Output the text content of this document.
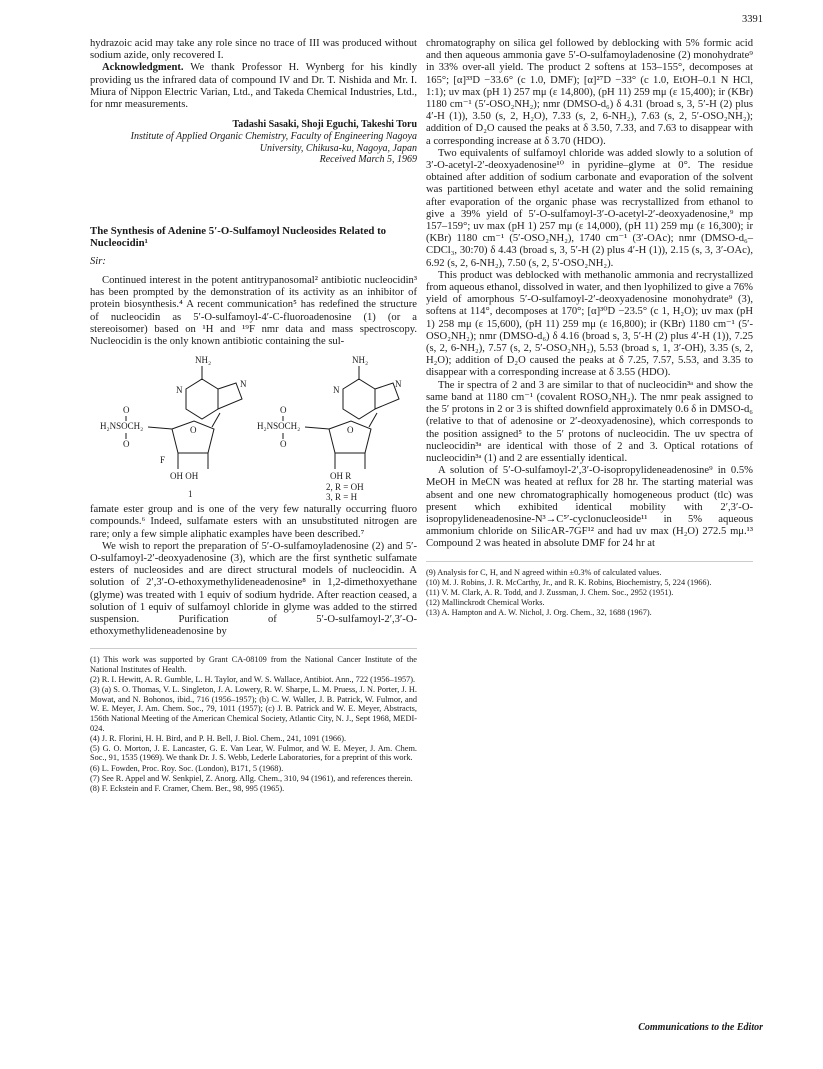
3391

hydrazoic acid may take any role since no trace of III was produced without sodium azide, only recovered I.

Acknowledgment. We thank Professor H. Wynberg for his kindly providing us the infrared data of compound IV and Dr. T. Nishida and Mr. I. Miura of Nippon Electric Varian, Ltd., and Takeda Chemical Industries, Ltd., for nmr measurements.

Tadashi Sasaki, Shoji Eguchi, Takeshi Toru
Institute of Applied Organic Chemistry, Faculty of Engineering Nagoya University, Chikusa-ku, Nagoya, Japan
Received March 5, 1969
The Synthesis of Adenine 5′-O-Sulfamoyl Nucleosides Related to Nucleocidin¹
Sir:

Continued interest in the potent antitrypanosomal² antibiotic nucleocidin³ has been prompted by the demonstration of its activity as an inhibitor of protein biosynthesis.⁴ A recent communication⁵ has redefined the structure of nucleocidin as 5′-O-sulfamoyl-4′-C-fluoroadenosine (1) (or a stereoisomer) based on ¹H and ¹⁹F nmr data and mass spectroscopy. Nucleocidin is the only known antibiotic containing the sul-

NH₂
N
N
O
H₂NSOCH₂
O
O
F
OH OH
1
NH₂
N
N
O
H₂NSOCH₂
O
O
OH R
2, R = OH
3, R = H

famate ester group and is one of the very few naturally occurring fluoro compounds.⁶ Indeed, sulfamate esters with an unsubstituted nitrogen are rare; only a few simple aliphatic examples have been described.⁷

We wish to report the preparation of 5′-O-sulfamoyladenosine (2) and 5′-O-sulfamoyl-2′-deoxyadenosine (3), which are the first synthetic sulfamate esters of nucleosides and are direct structural models of nucleocidin. A solution of 2′,3′-O-ethoxymethylideneadenosine⁸ in 1,2-dimethoxyethane (glyme) was treated with 1 equiv of sodium hydride. After reaction ceased, a solution of 1 equiv of sulfamoyl chloride in glyme was added to the stirred suspension. Purification of 5′-O-sulfamoyl-2′,3′-O-ethoxymethylideneadenosine by

(1) This work was supported by Grant CA-08109 from the National Cancer Institute of the National Institutes of Health.
(2) R. I. Hewitt, A. R. Gumble, L. H. Taylor, and W. S. Wallace, Antibiot. Ann., 722 (1956–1957).
(3) (a) S. O. Thomas, V. L. Singleton, J. A. Lowery, R. W. Sharpe, L. M. Pruess, J. N. Porter, J. H. Mowat, and N. Bohonos, ibid., 716 (1956–1957); (b) C. W. Waller, J. B. Patrick, W. Fulmor, and W. E. Meyer, J. Am. Chem. Soc., 79, 1011 (1957); (c) J. B. Patrick and W. E. Meyer, Abstracts, 156th National Meeting of the American Chemical Society, Atlantic City, N. J., Sept 1968, MEDI-024.
(4) J. R. Florini, H. H. Bird, and P. H. Bell, J. Biol. Chem., 241, 1091 (1966).
(5) G. O. Morton, J. E. Lancaster, G. E. Van Lear, W. Fulmor, and W. E. Meyer, J. Am. Chem. Soc., 91, 1535 (1969). We thank Dr. J. S. Webb, Lederle Laboratories, for a preprint of this work.
(6) L. Fowden, Proc. Roy. Soc. (London), B171, 5 (1968).
(7) See R. Appel and W. Senkpiel, Z. Anorg. Allg. Chem., 310, 94 (1961), and references therein.
(8) F. Eckstein and F. Cramer, Chem. Ber., 98, 995 (1965).

chromatography on silica gel followed by deblocking with 5% formic acid and then aqueous ammonia gave 5′-O-sulfamoyladenosine (2) monohydrate⁹ in 33% over-all yield. The product 2 softens at 153–155°, decomposes at 165°; [α]³³D −33.6° (c 1.0, DMF); [α]²⁷D −33° (c 1.0, EtOH–0.1 N HCl, 1:1); uv max (pH 1) 257 mμ (ε 14,800), (pH 11) 259 mμ (ε 15,400); ir (KBr) 1180 cm⁻¹ (5′-OSO₂NH₂); nmr (DMSO-d₆) δ 4.31 (broad s, 3, 5′-H (2) plus 4′-H (1)), 3.50 (s, 2, H₂O), 7.33 (s, 2, 6-NH₂), 7.63 (s, 2, 5′-OSO₂NH₂); addition of D₂O caused the peaks at δ 3.50, 7.33, and 7.63 to disappear with a corresponding increase at δ 3.70 (HDO).

Two equivalents of sulfamoyl chloride was added slowly to a solution of 3′-O-acetyl-2′-deoxyadenosine¹⁰ in pyridine–glyme at 0°. The residue obtained after addition of sodium carbonate and evaporation of the solvent was partitioned between ethyl acetate and water and the solid remaining after evaporation of the organic phase was recrystallized from ethanol to give a 39% yield of 5′-O-sulfamoyl-3′-O-acetyl-2′-deoxyadenosine,⁹ mp 157–159°; uv max (pH 1) 257 mμ (ε 14,000), (pH 11) 259 mμ (ε 16,300); ir (KBr) 1180 cm⁻¹ (5′-OSO₂NH₂), 1740 cm⁻¹ (3′-OAc); nmr (DMSO-d₆–CDCl₃, 30:70) δ 4.43 (broad s, 3, 5′-H (2) plus 4′-H (1)), 2.15 (s, 3, 3′-OAc), 6.92 (s, 2, 6-NH₂), 7.50 (s, 2, 5′-OSO₂NH₂).

This product was deblocked with methanolic ammonia and recrystallized from aqueous ethanol, dissolved in water, and then lyophilized to give a 76% yield of amorphous 5′-O-sulfamoyl-2′-deoxyadenosine monohydrate⁹ (3), softens at 114°, decomposes at 170°; [α]³⁰D −23.5° (c 1, H₂O); uv max (pH 1) 258 mμ (ε 15,600), (pH 11) 259 mμ (ε 16,800); ir (KBr) 1180 cm⁻¹ (5′-OSO₂NH₂); nmr (DMSO-d₆) δ 4.16 (broad s, 3, 5′-H (2) plus 4′-H (1)), 7.25 (s, 2, 6-NH₂), 7.57 (s, 2, 5′-OSO₂NH₂), 5.53 (broad s, 1, 3′-OH), 3.35 (s, 2, H₂O); addition of D₂O caused the peaks at δ 7.25, 7.57, 5.53, and 3.35 to disappear with a corresponding increase at δ 3.55 (HDO).

The ir spectra of 2 and 3 are similar to that of nucleocidin³ᵃ and show the same band at 1180 cm⁻¹ (covalent ROSO₂NH₂). The nmr peak assigned to the 5′ protons in 2 or 3 is shifted downfield approximately 0.6 δ in DMSO-d₆ (relative to that of adenosine or 2′-deoxyadenosine), which corresponds to the position assigned⁵ to the 5′ protons of nucleocidin. The uv spectra of nucleocidin³ᵃ are identical with those of 2 and 3. Optical rotations of nucleocidin³ᵃ (1) and 2 are essentially identical.

A solution of 5′-O-sulfamoyl-2′,3′-O-isopropylideneadenosine⁹ in 0.5% MeOH in MeCN was heated at reflux for 28 hr. The starting material was absent and one new chromatographically homogeneous product (tlc) was present which exhibited identical mobility with 2′,3′-O-isopropylideneadenosine-N³→C⁵′-cyclonucleoside¹¹ in 5% aqueous ammonium chloride on SilicAR-7GF¹² and had uv max (H₂O) 272.5 mμ.¹³ Compound 2 was heated in absolute DMF for 24 hr at

(9) Analysis for C, H, and N agreed within ±0.3% of calculated values.
(10) M. J. Robins, J. R. McCarthy, Jr., and R. K. Robins, Biochemistry, 5, 224 (1966).
(11) V. M. Clark, A. R. Todd, and J. Zussman, J. Chem. Soc., 2952 (1951).
(12) Mallinckrodt Chemical Works.
(13) A. Hampton and A. W. Nichol, J. Org. Chem., 32, 1688 (1967).
Communications to the Editor
